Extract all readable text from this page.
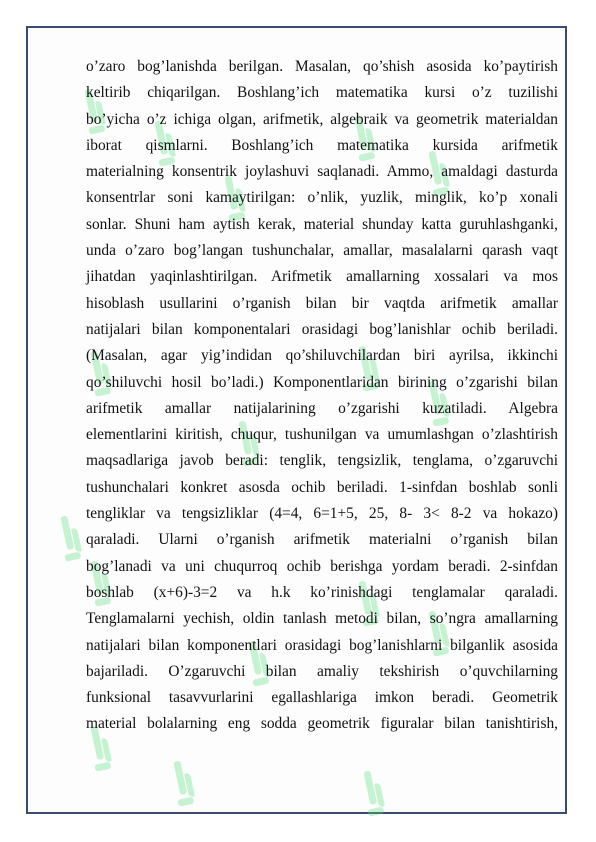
o’zaro bog’lanishda berilgan. Masalan, qo’shish asosida ko’paytirish
keltirib chiqarilgan. Boshlang’ich matematika kursi o’z tuzilishi
bo’yicha o’z ichiga olgan, arifmetik, algebraik va geometrik materialdan
iborat qismlarni. Boshlang’ich matematika kursida arifmetik
materialning konsentrik joylashuvi saqlanadi. Ammo, amaldagi dasturda
konsentrlar soni kamaytirilgan: o’nlik, yuzlik, minglik, ko’p xonali
sonlar. Shuni ham aytish kerak, material shunday katta guruhlashganki,
unda o’zaro bog’langan tushunchalar, amallar, masalalarni qarash vaqt
jihatdan yaqinlashtirilgan. Arifmetik amallarning xossalari va mos
hisoblash usullarini o’rganish bilan bir vaqtda arifmetik amallar
natijalari bilan komponentalari orasidagi bog’lanishlar ochib beriladi.
(Masalan, agar yig’indidan qo’shiluvchilardan biri ayrilsa, ikkinchi
qo’shiluvchi hosil bo’ladi.) Komponentlaridan birining o’zgarishi bilan
arifmetik amallar natijalarining o’zgarishi kuzatiladi. Algebra
elementlarini kiritish, chuqur, tushunilgan va umumlashgan o’zlashtirish
maqsadlariga javob beradi: tenglik, tengsizlik, tenglama, o’zgaruvchi
tushunchalari konkret asosda ochib beriladi. 1-sinfdan boshlab sonli
tengliklar va tengsizliklar (4=4, 6=1+5, 25, 8- 3< 8-2 va hokazo)
qaraladi. Ularni o’rganish arifmetik materialni o’rganish bilan
bog’lanadi va uni chuqurroq ochib berishga yordam beradi. 2-sinfdan
boshlab (x+6)-3=2 va h.k ko’rinishdagi tenglamalar qaraladi.
Tenglamalarni yechish, oldin tanlash metodi bilan, so’ngra amallarning
natijalari bilan komponentlari orasidagi bog’lanishlarni bilganlik asosida
bajariladi. O’zgaruvchi bilan amaliy tekshirish o’quvchilarning
funksional tasavvurlarini egallashlariga imkon beradi. Geometrik
material bolalarning eng sodda geometrik figuralar bilan tanishtirish,
